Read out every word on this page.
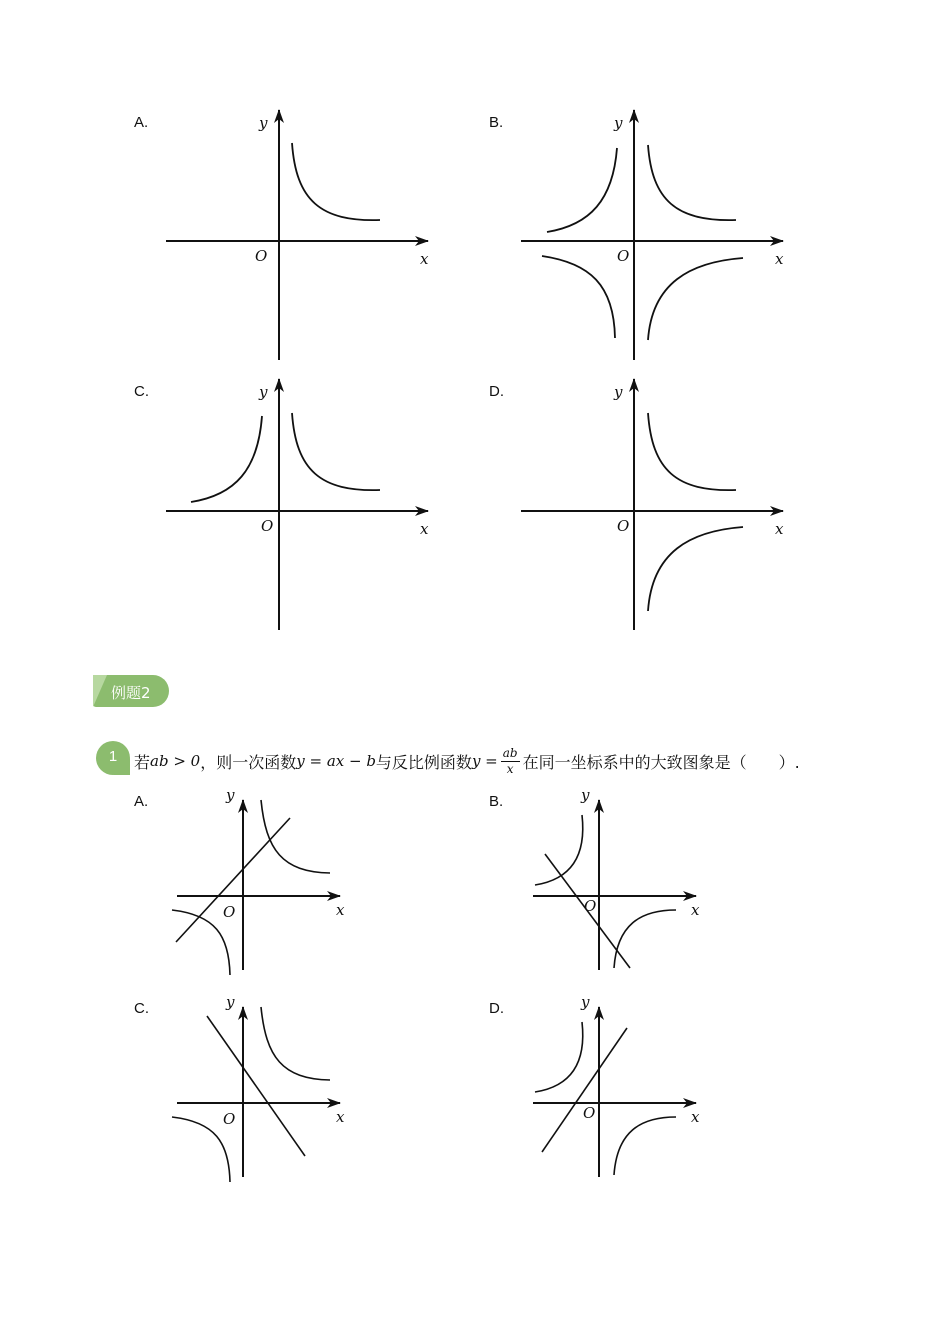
A.	B.
C.	D.
例题2
1	若 ab > 0 ，则一次函数 y = ax − b 与反比例函数 $y = \frac{ab}{x}$ 在同一坐标系中的大致图象是（　　）.
A.	B.
C.	D.
y
x
O
y
x
O
y
x
O
y
x
O
y
x
O
y
x
O
y
x
O
y
x
O
